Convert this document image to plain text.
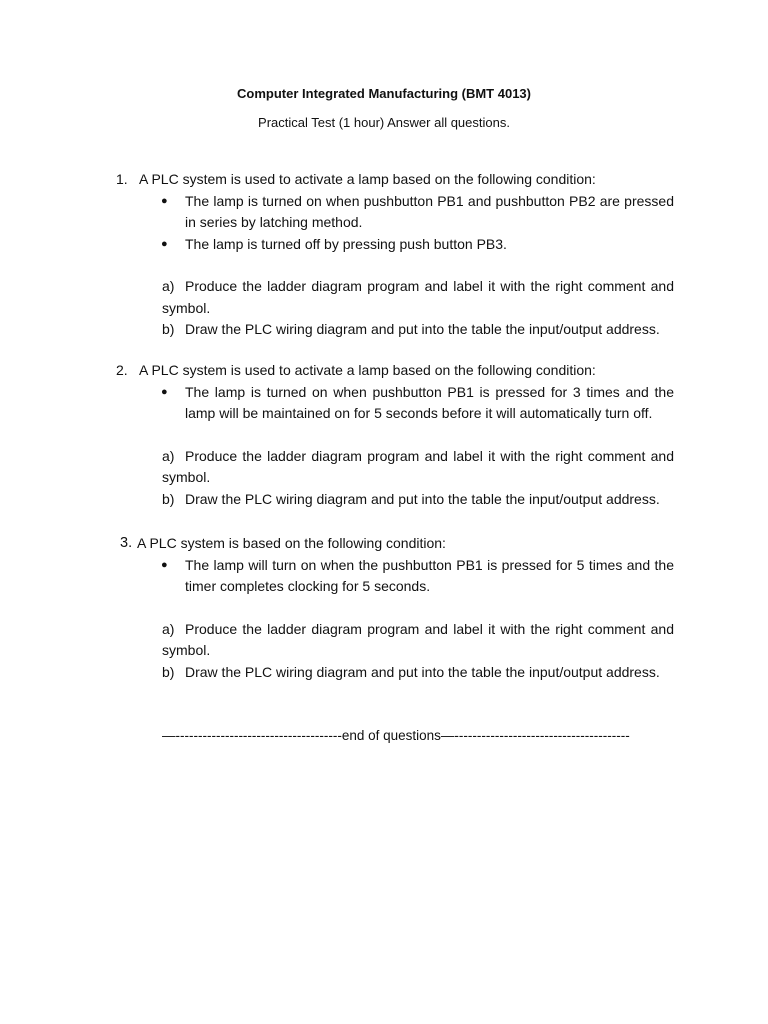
Computer Integrated Manufacturing (BMT 4013)
Practical Test (1 hour) Answer all questions.
1. A PLC system is used to activate a lamp based on the following condition:
● The lamp is turned on when pushbutton PB1 and pushbutton PB2 are pressed in series by latching method.
● The lamp is turned off by pressing push button PB3.
a) Produce the ladder diagram program and label it with the right comment and symbol.
b) Draw the PLC wiring diagram and put into the table the input/output address.
2. A PLC system is used to activate a lamp based on the following condition:
● The lamp is turned on when pushbutton PB1 is pressed for 3 times and the lamp will be maintained on for 5 seconds before it will automatically turn off.
a) Produce the ladder diagram program and label it with the right comment and symbol.
b) Draw the PLC wiring diagram and put into the table the input/output address.
3. A PLC system is based on the following condition:
● The lamp will turn on when the pushbutton PB1 is pressed for 5 times and the timer completes clocking for 5 seconds.
a) Produce the ladder diagram program and label it with the right comment and symbol.
b) Draw the PLC wiring diagram and put into the table the input/output address.
—-------------------------------------end of questions—---------------------------------------
